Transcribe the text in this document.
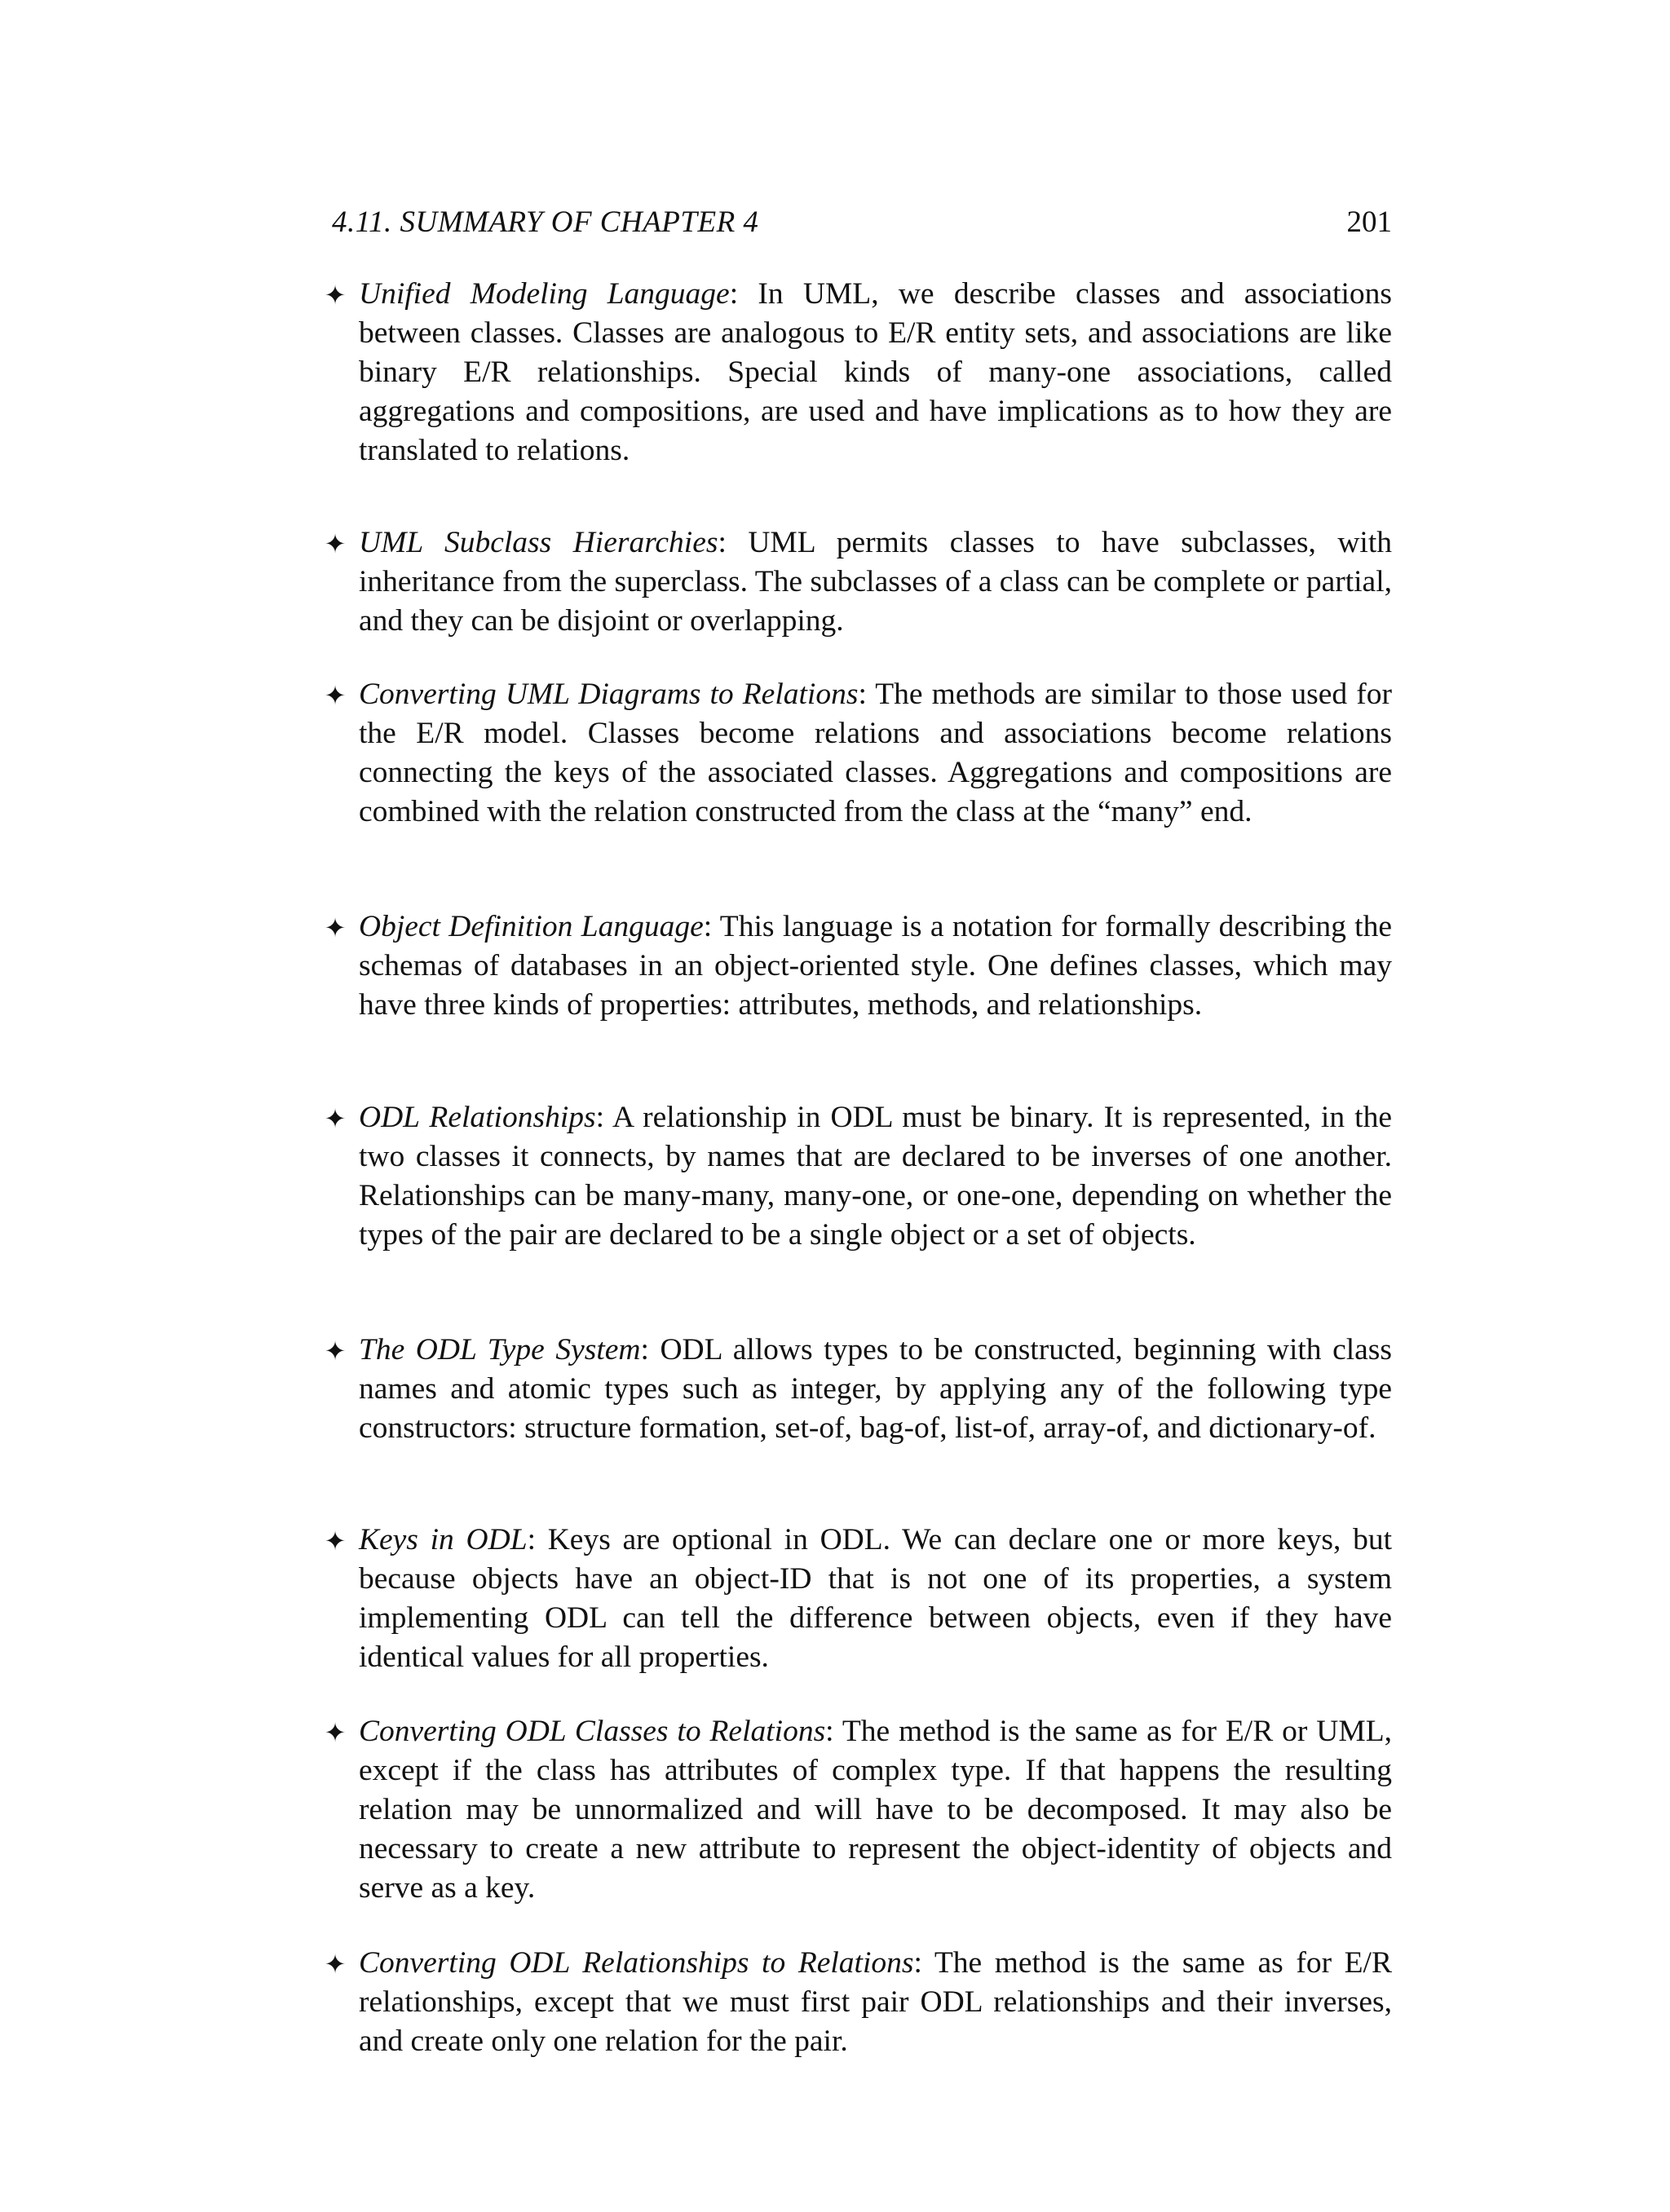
4.11. SUMMARY OF CHAPTER 4	201
✦ Unified Modeling Language: In UML, we describe classes and associations between classes. Classes are analogous to E/R entity sets, and associations are like binary E/R relationships. Special kinds of many-one associations, called aggregations and compositions, are used and have implications as to how they are translated to relations.

✦ UML Subclass Hierarchies: UML permits classes to have subclasses, with inheritance from the superclass. The subclasses of a class can be complete or partial, and they can be disjoint or overlapping.

✦ Converting UML Diagrams to Relations: The methods are similar to those used for the E/R model. Classes become relations and associations become relations connecting the keys of the associated classes. Aggregations and compositions are combined with the relation constructed from the class at the “many” end.

✦ Object Definition Language: This language is a notation for formally describing the schemas of databases in an object-oriented style. One defines classes, which may have three kinds of properties: attributes, methods, and relationships.

✦ ODL Relationships: A relationship in ODL must be binary. It is represented, in the two classes it connects, by names that are declared to be inverses of one another. Relationships can be many-many, many-one, or one-one, depending on whether the types of the pair are declared to be a single object or a set of objects.

✦ The ODL Type System: ODL allows types to be constructed, beginning with class names and atomic types such as integer, by applying any of the following type constructors: structure formation, set-of, bag-of, list-of, array-of, and dictionary-of.

✦ Keys in ODL: Keys are optional in ODL. We can declare one or more keys, but because objects have an object-ID that is not one of its properties, a system implementing ODL can tell the difference between objects, even if they have identical values for all properties.

✦ Converting ODL Classes to Relations: The method is the same as for E/R or UML, except if the class has attributes of complex type. If that happens the resulting relation may be unnormalized and will have to be decomposed. It may also be necessary to create a new attribute to represent the object-identity of objects and serve as a key.

✦ Converting ODL Relationships to Relations: The method is the same as for E/R relationships, except that we must first pair ODL relationships and their inverses, and create only one relation for the pair.
